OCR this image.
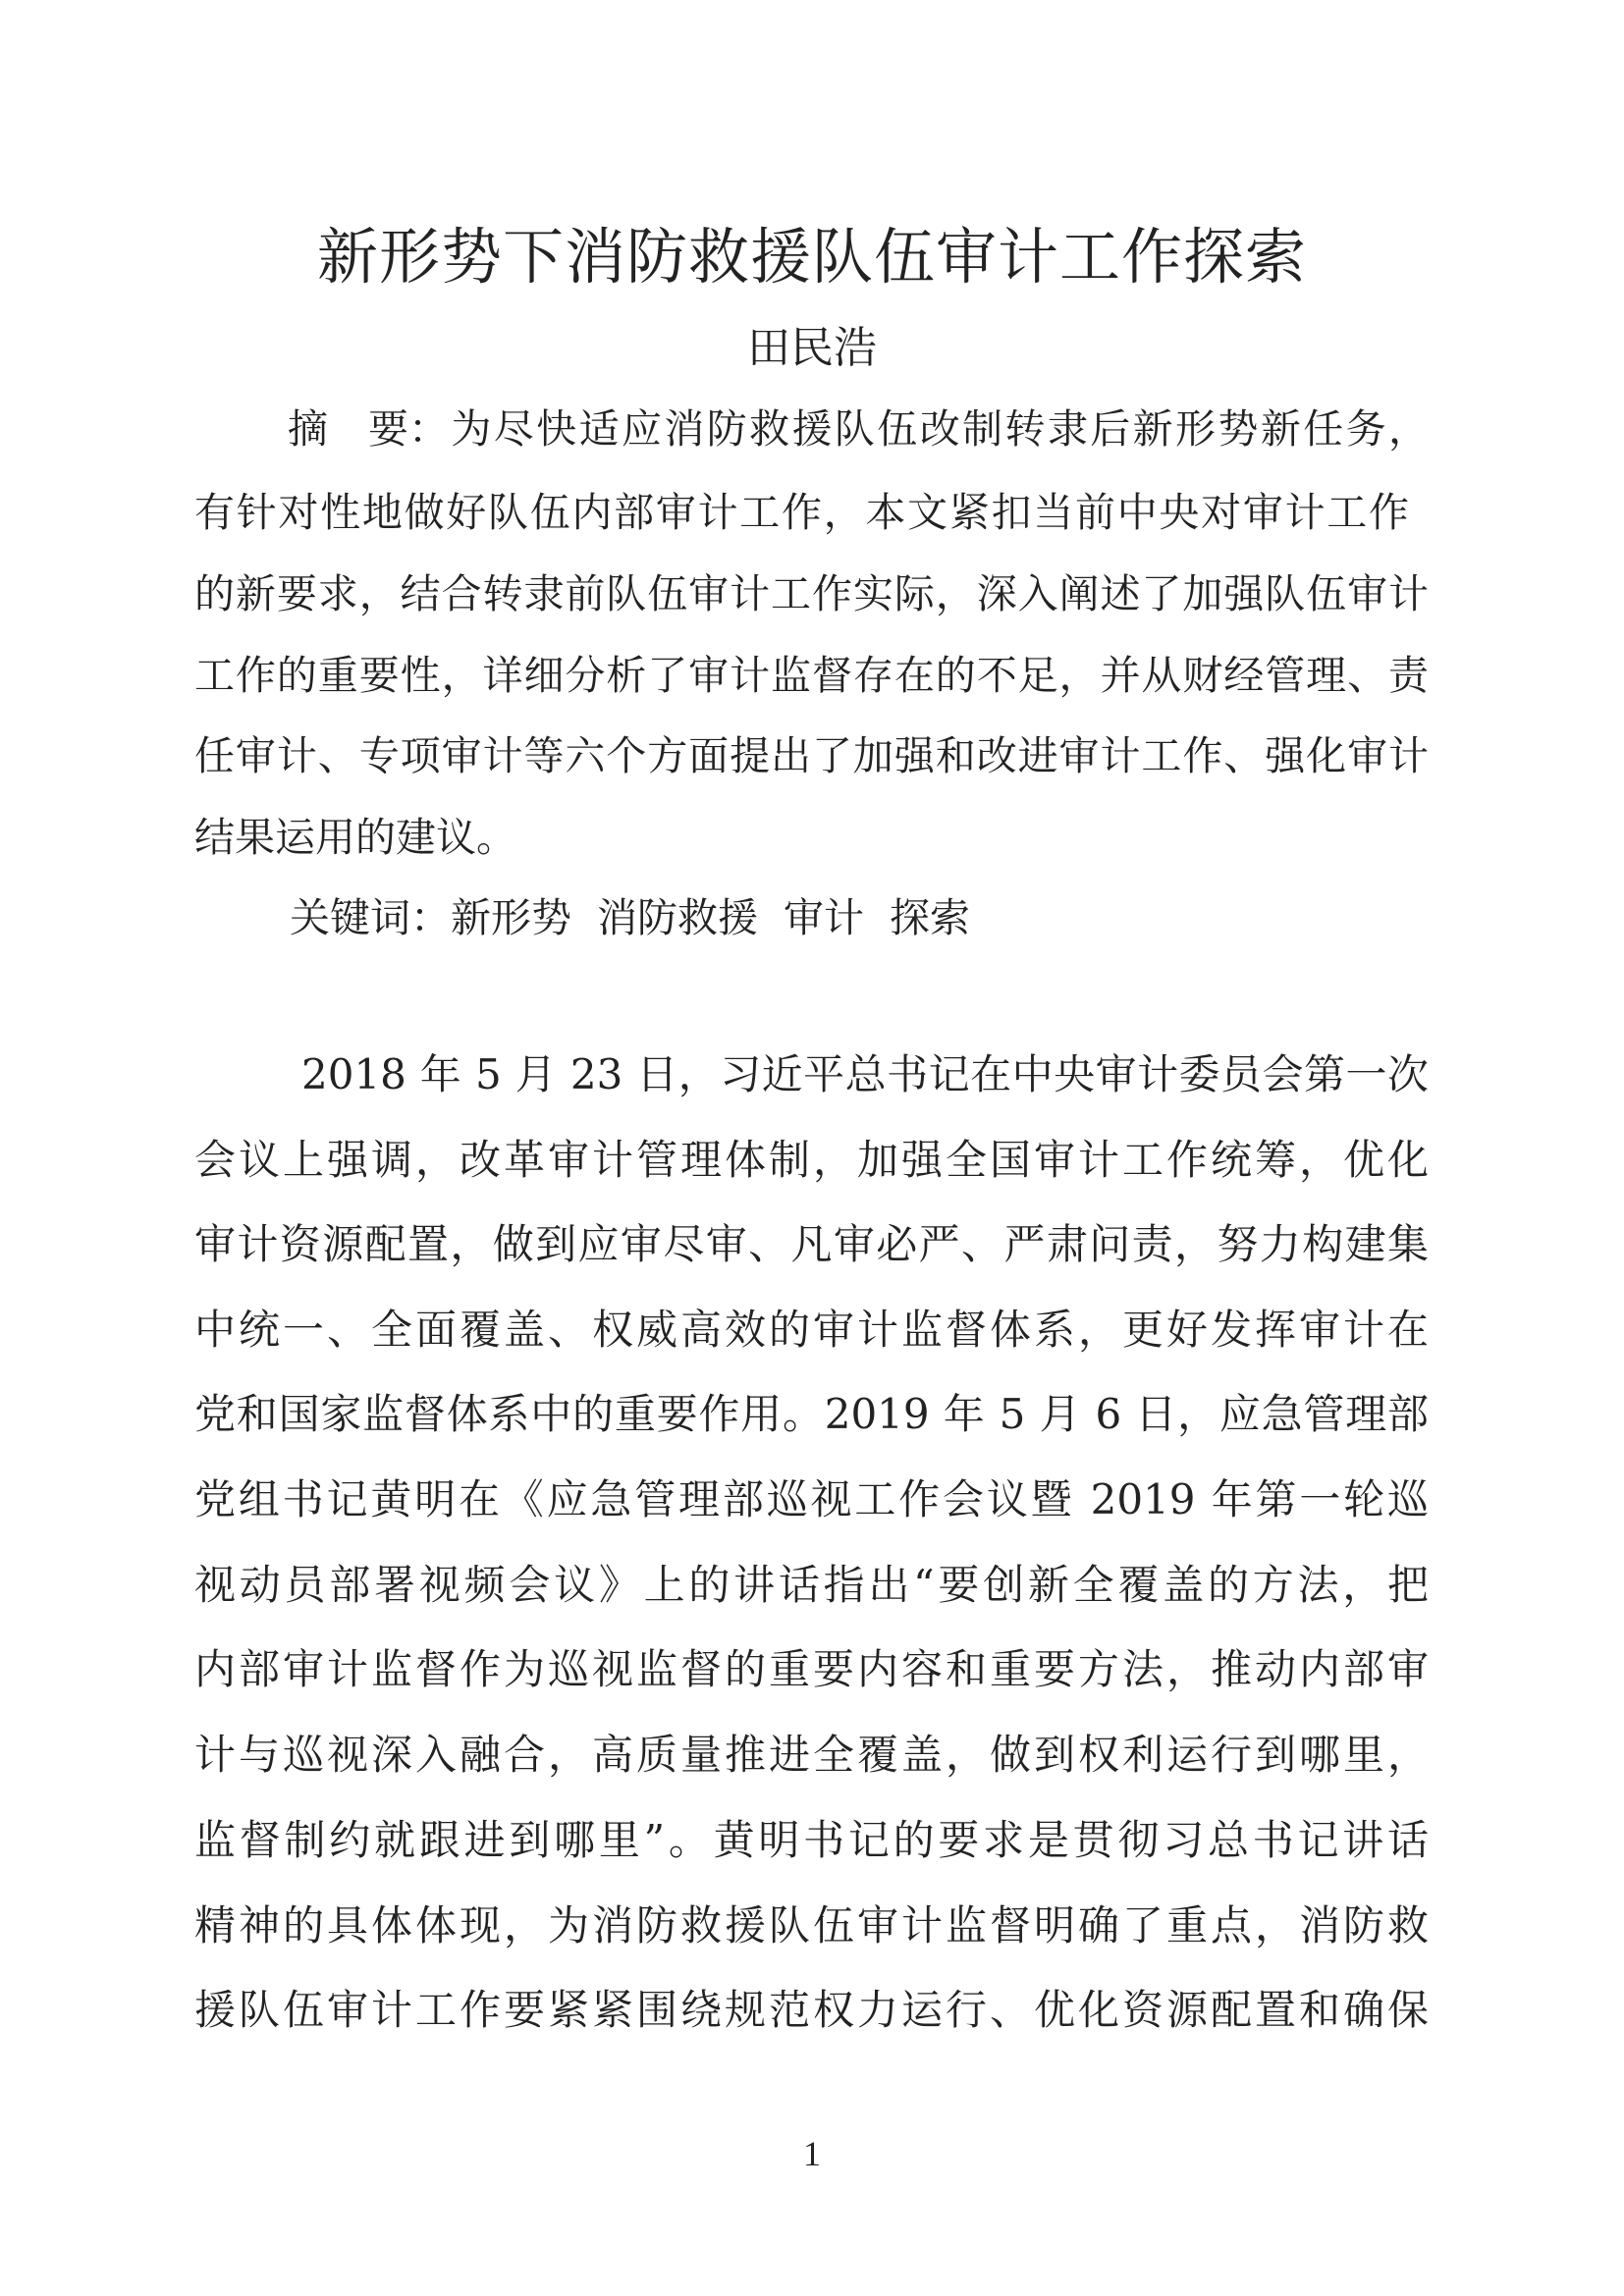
新形势下消防救援队伍审计工作探索
田民浩
摘　要：为尽快适应消防救援队伍改制转隶后新形势新任务，
有针对性地做好队伍内部审计工作，本文紧扣当前中央对审计工作
的新要求，结合转隶前队伍审计工作实际，深入阐述了加强队伍审计
工作的重要性，详细分析了审计监督存在的不足，并从财经管理、责
任审计、专项审计等六个方面提出了加强和改进审计工作、强化审计
结果运用的建议。
关键词：新形势 消防救援 审计 探索
2018 年 5 月 23 日，习近平总书记在中央审计委员会第一次
会议上强调，改革审计管理体制，加强全国审计工作统筹，优化
审计资源配置，做到应审尽审、凡审必严、严肃问责，努力构建集
中统一、全面覆盖、权威高效的审计监督体系，更好发挥审计在
党和国家监督体系中的重要作用。2019 年 5 月 6 日，应急管理部
党组书记黄明在《应急管理部巡视工作会议暨 2019 年第一轮巡
视动员部署视频会议》上的讲话指出“要创新全覆盖的方法，把
内部审计监督作为巡视监督的重要内容和重要方法，推动内部审
计与巡视深入融合，高质量推进全覆盖，做到权利运行到哪里，
监督制约就跟进到哪里”。黄明书记的要求是贯彻习总书记讲话
精神的具体体现，为消防救援队伍审计监督明确了重点，消防救
援队伍审计工作要紧紧围绕规范权力运行、优化资源配置和确保
1
